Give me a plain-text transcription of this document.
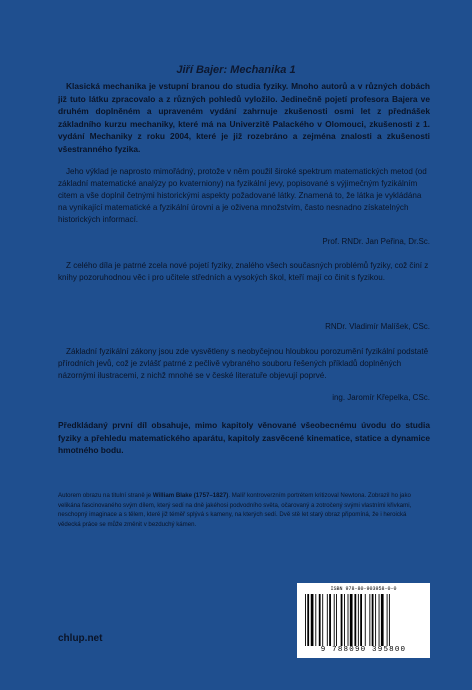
Jiří Bajer: Mechanika 1
Klasická mechanika je vstupní branou do studia fyziky. Mnoho autorů a v různých dobách již tuto látku zpracovalo a z různých pohledů vyložilo. Jedinečně pojetí profesora Bajera ve druhém doplněném a upraveném vydání zahrnuje zkušenosti osmi let z přednášek základního kurzu mechaniky, které má na Univerzitě Palackého v Olomouci, zkušenosti z 1. vydání Mechaniky z roku 2004, které je již rozebráno a zejména znalosti a zkušenosti všestranného fyzika.
Jeho výklad je naprosto mimořádný, protože v něm použil široké spektrum matematických metod (od základní matematické analýzy po kvaterniony) na fyzikální jevy, popisované s výjimečným fyzikálním citem a vše doplnil četnými historickými aspekty požadované látky. Znamená to, že látka je vykládána na vynikající matematické a fyzikální úrovni a je oživena množstvím, často nesnadno získatelných historických informací.
Prof. RNDr. Jan Peřina, Dr.Sc.
Z celého díla je patrné zcela nové pojetí fyziky, znalého všech současných problémů fyziky, což činí z knihy pozoruhodnou věc i pro učitele středních a vysokých škol, kteří mají co činit s fyzikou.
RNDr. Vladimír Malíšek, CSc.
Základní fyzikální zákony jsou zde vysvětleny s neobyčejnou hloubkou porozumění fyzikální podstatě přírodních jevů, což je zvlášť patrné z pečlivě vybraného souboru řešených příkladů doplněných názornými ilustracemi, z nichž mnohé se v české literatuře objevují poprvé.
ing. Jaromír Křepelka, CSc.
Předkládaný první díl obsahuje, mimo kapitoly věnované všeobecnému úvodu do studia fyziky a přehledu matematického aparátu, kapitoly zasvěcené kinematice, statice a dynamice hmotného bodu.
Autorem obrazu na titulní straně je William Blake (1757–1827). Malíř kontroverzním portrétem kritizoval Newtona. Zobrazil ho jako velikána fascinovaného svým dílem, který sedí na dně jakéhosi podvodního světa, očarovaný a zotročený svými vlastními křivkami, neschopný imaginace a s tělem, které již téměř splývá s kameny, na kterých sedí. Dvě stě let starý obraz připomíná, že i heroická vědecká práce se může změnit v bezduchý kámen.
chlup.net
ISBN 978-80-903958-0-0
9 788090 395800
